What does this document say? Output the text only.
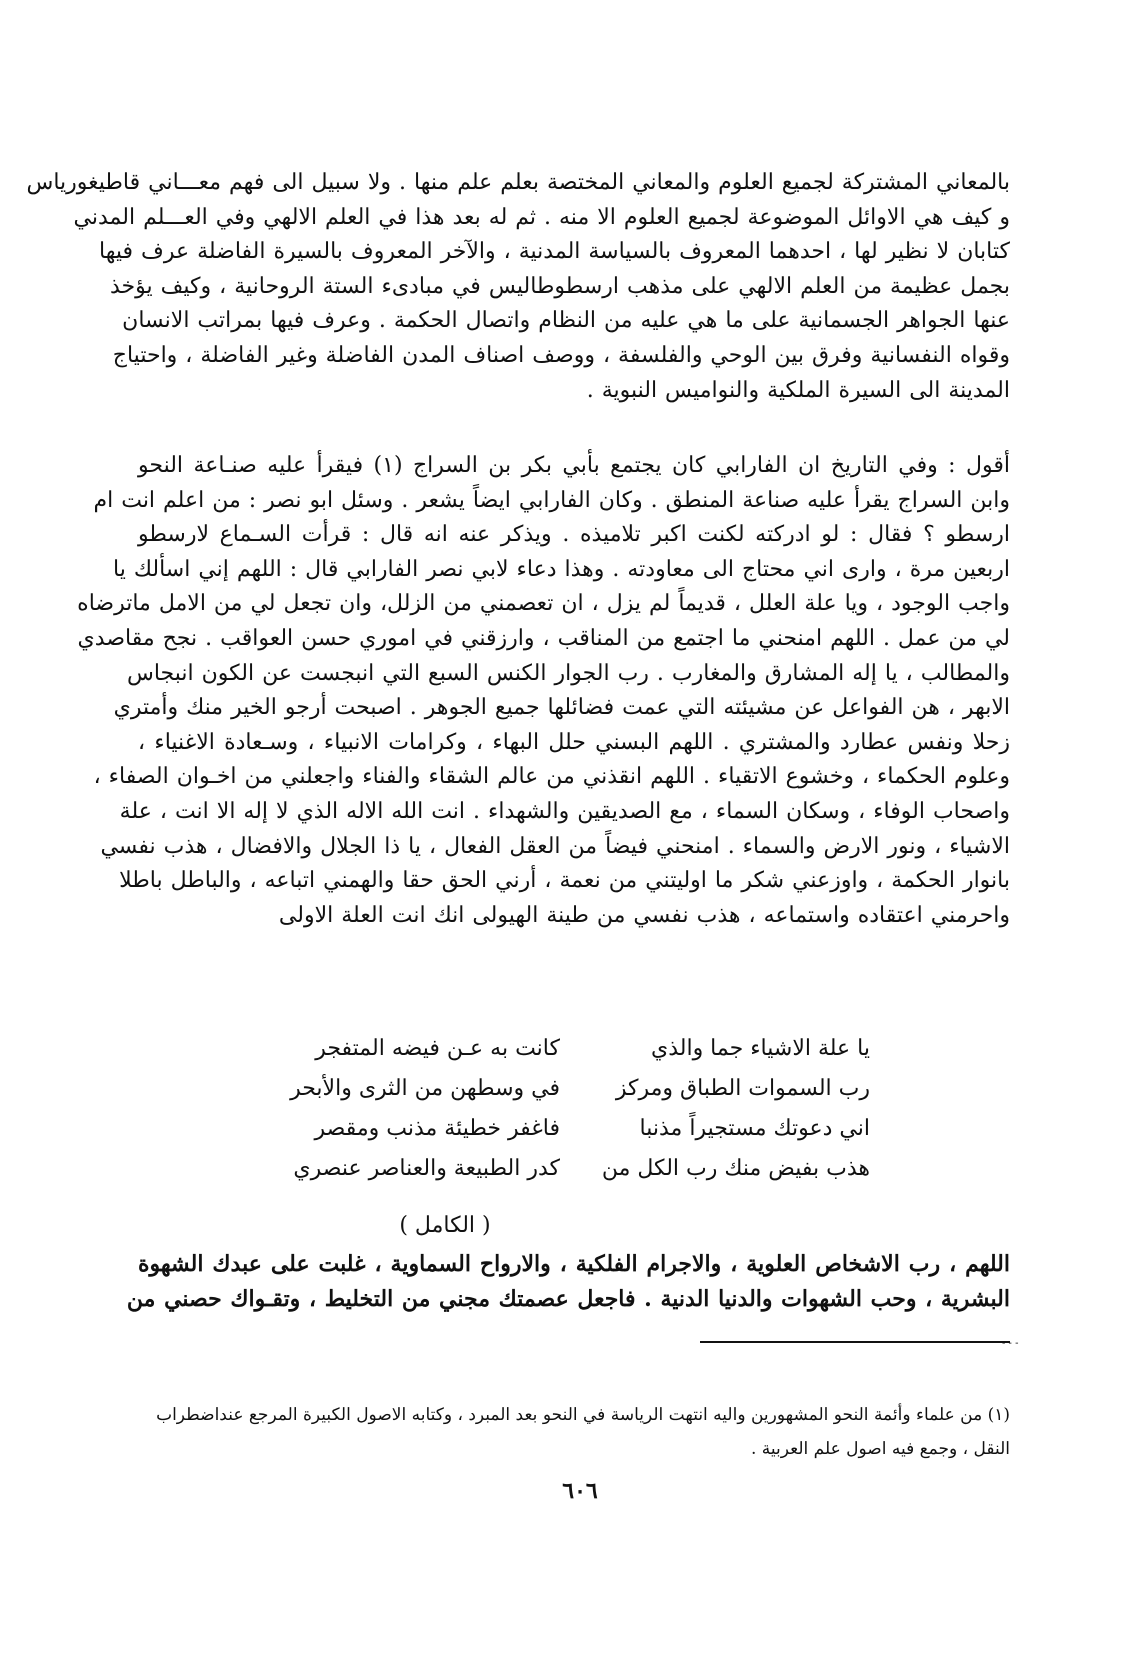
بالمعاني المشتركة لجميع العلوم والمعاني المختصة بعلم علم منها . ولا سبيل الى فهم معـــاني قاطيغورياس
و كيف هي الاوائل الموضوعة لجميع العلوم الا منه . ثم له بعد هذا في العلم الالهي وفي العـــلم المدني
كتابان لا نظير لها ، احدهما المعروف بالسياسة المدنية ، والآخر المعروف بالسيرة الفاضلة عرف فيها
بجمل عظيمة من العلم الالهي على مذهب ارسطوطاليس في مبادىء الستة الروحانية ، وكيف يؤخذ
عنها الجواهر الجسمانية على ما هي عليه من النظام واتصال الحكمة . وعرف فيها بمراتب الانسان
وقواه النفسانية وفرق بين الوحي والفلسفة ، ووصف اصناف المدن الفاضلة وغير الفاضلة ، واحتياج
المدينة الى السيرة الملكية والنواميس النبوية .
أقول : وفي التاريخ ان الفارابي كان يجتمع بأبي بكر بن السراج (١) فيقرأ عليه صنـاعة النحو
وابن السراج يقرأ عليه صناعة المنطق . وكان الفارابي ايضاً يشعر . وسئل ابو نصر : من اعلم انت ام
ارسطو ؟ فقال : لو ادركته لكنت اكبر تلاميذه . ويذكر عنه انه قال : قرأت السـماع لارسطو
اربعين مرة ، وارى اني محتاج الى معاودته . وهذا دعاء لابي نصر الفارابي قال : اللهم إني اسألك يا
واجب الوجود ، ويا علة العلل ، قديماً لم يزل ، ان تعصمني من الزلل، وان تجعل لي من الامل ماترضاه
لي من عمل . اللهم امنحني ما اجتمع من المناقب ، وارزقني في اموري حسن العواقب . نجح مقاصدي
والمطالب ، يا إله المشارق والمغارب . رب الجوار الكنس السبع التي انبجست عن الكون انبجاس
الابهر ، هن الفواعل عن مشيئته التي عمت فضائلها جميع الجوهر . اصبحت أرجو الخير منك وأمتري
زحلا ونفس عطارد والمشتري . اللهم البسني حلل البهاء ، وكرامات الانبياء ، وسـعادة الاغنياء ،
وعلوم الحكماء ، وخشوع الاتقياء . اللهم انقذني من عالم الشقاء والفناء واجعلني من اخـوان الصفاء ،
واصحاب الوفاء ، وسكان السماء ، مع الصديقين والشهداء . انت الله الاله الذي لا إله الا انت ، علة
الاشياء ، ونور الارض والسماء . امنحني فيضاً من العقل الفعال ، يا ذا الجلال والافضال ، هذب نفسي
بانوار الحكمة ، واوزعني شكر ما اوليتني من نعمة ، أرني الحق حقا والهمني اتباعه ، والباطل باطلا
واحرمني اعتقاده واستماعه ، هذب نفسي من طينة الهيولى انك انت العلة الاولى
يا علة الاشياء جما والذي
كانت به عـن فيضه المتفجر
رب السموات الطباق ومركز
في وسطهن من الثرى والأبحر
اني دعوتك مستجيراً مذنبا
فاغفر خطيئة مذنب ومقصر
هذب بفيض منك رب الكل من
كدر الطبيعة والعناصر عنصري
( الكامل )
اللهم ، رب الاشخاص العلوية ، والاجرام الفلكية ، والارواح السماوية ، غلبت على عبدك الشهوة
البشرية ، وحب الشهوات والدنيا الدنية . فاجعل عصمتك مجني من التخليط ، وتقـواك حصني من
- - -
(١) من علماء وأئمة النحو المشهورين واليه انتهت الرياسة في النحو بعد المبرد ، وكتابه الاصول الكبيرة المرجع عنداضطراب
النقل ، وجمع فيه اصول علم العربية .
٦٠٦
